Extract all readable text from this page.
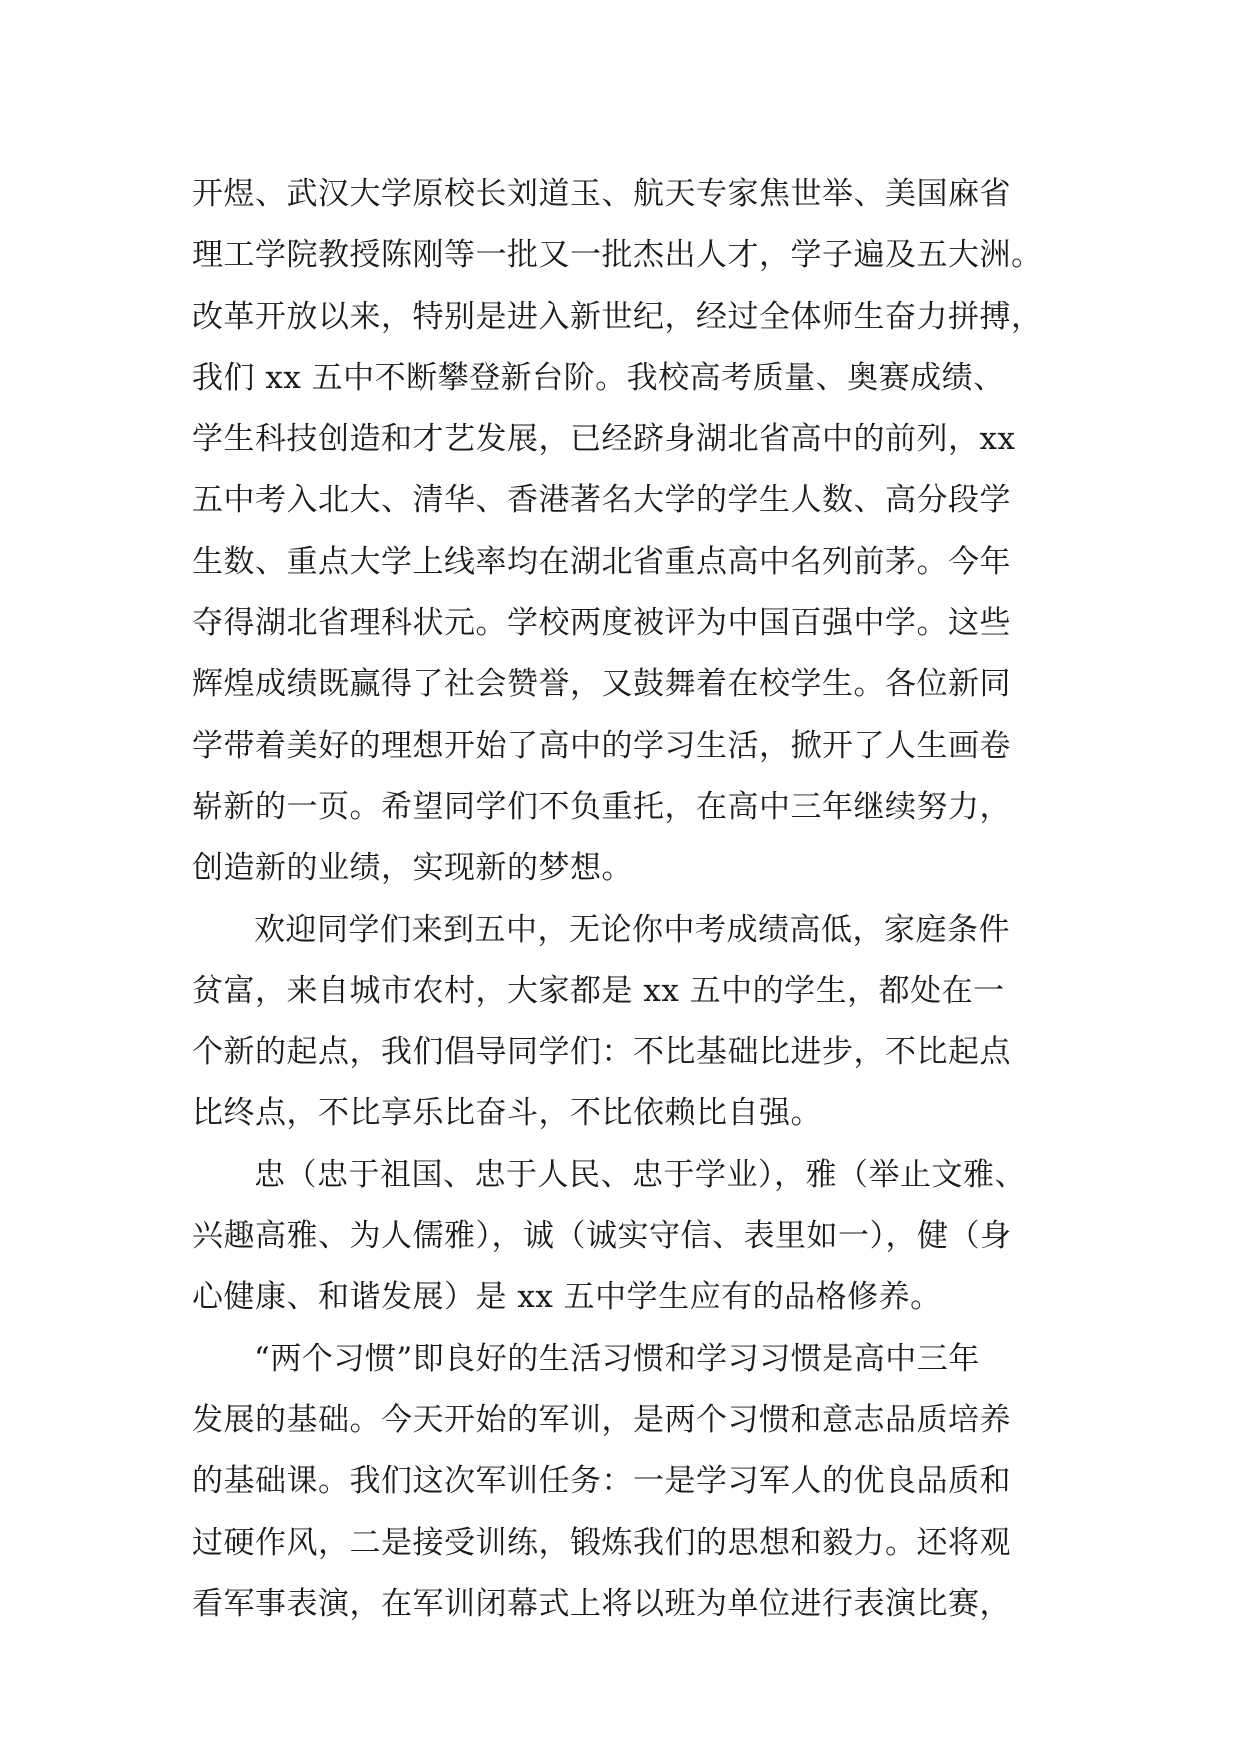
开煜、武汉大学原校长刘道玉、航天专家焦世举、美国麻省
理工学院教授陈刚等一批又一批杰出人才，学子遍及五大洲。
改革开放以来，特别是进入新世纪，经过全体师生奋力拼搏，
我们 xx 五中不断攀登新台阶。我校高考质量、奥赛成绩、
学生科技创造和才艺发展，已经跻身湖北省高中的前列，xx
五中考入北大、清华、香港著名大学的学生人数、高分段学
生数、重点大学上线率均在湖北省重点高中名列前茅。今年
夺得湖北省理科状元。学校两度被评为中国百强中学。这些
辉煌成绩既赢得了社会赞誉，又鼓舞着在校学生。各位新同
学带着美好的理想开始了高中的学习生活，掀开了人生画卷
崭新的一页。希望同学们不负重托，在高中三年继续努力，
创造新的业绩，实现新的梦想。
欢迎同学们来到五中，无论你中考成绩高低，家庭条件
贫富，来自城市农村，大家都是 xx 五中的学生，都处在一
个新的起点，我们倡导同学们：不比基础比进步，不比起点
比终点，不比享乐比奋斗，不比依赖比自强。
忠（忠于祖国、忠于人民、忠于学业），雅（举止文雅、
兴趣高雅、为人儒雅），诚（诚实守信、表里如一），健（身
心健康、和谐发展）是 xx 五中学生应有的品格修养。
“两个习惯”即良好的生活习惯和学习习惯是高中三年
发展的基础。今天开始的军训，是两个习惯和意志品质培养
的基础课。我们这次军训任务：一是学习军人的优良品质和
过硬作风，二是接受训练，锻炼我们的思想和毅力。还将观
看军事表演，在军训闭幕式上将以班为单位进行表演比赛，
